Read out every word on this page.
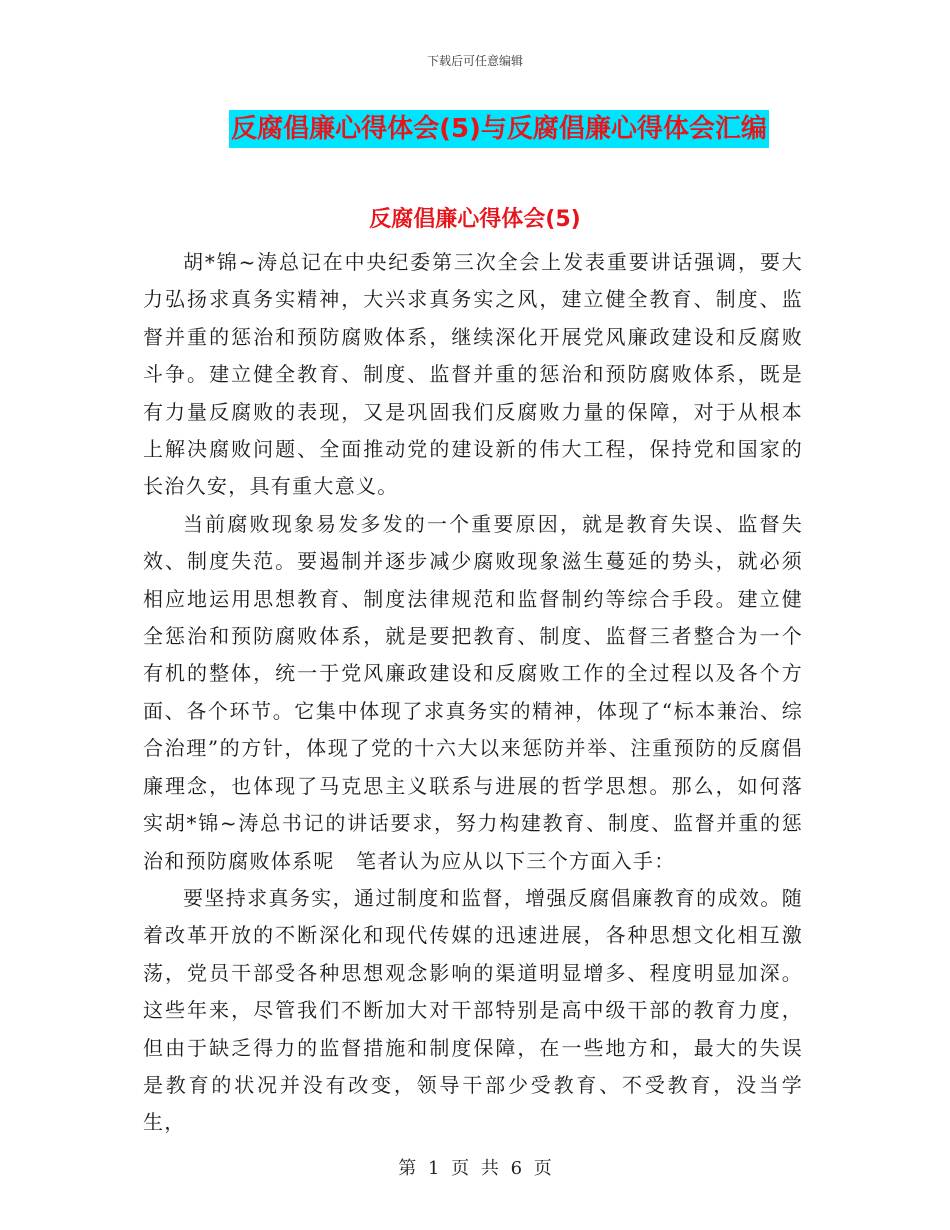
下载后可任意编辑
反腐倡廉心得体会(5)与反腐倡廉心得体会汇编
反腐倡廉心得体会(5)

胡*锦~涛总记在中央纪委第三次全会上发表重要讲话强调，要大力弘扬求真务实精神，大兴求真务实之风，建立健全教育、制度、监督并重的惩治和预防腐败体系，继续深化开展党风廉政建设和反腐败斗争。建立健全教育、制度、监督并重的惩治和预防腐败体系，既是有力量反腐败的表现，又是巩固我们反腐败力量的保障，对于从根本上解决腐败问题、全面推动党的建设新的伟大工程，保持党和国家的长治久安，具有重大意义。

当前腐败现象易发多发的一个重要原因，就是教育失误、监督失效、制度失范。要遏制并逐步减少腐败现象滋生蔓延的势头，就必须相应地运用思想教育、制度法律规范和监督制约等综合手段。建立健全惩治和预防腐败体系，就是要把教育、制度、监督三者整合为一个有机的整体，统一于党风廉政建设和反腐败工作的全过程以及各个方面、各个环节。它集中体现了求真务实的精神，体现了“标本兼治、综合治理”的方针，体现了党的十六大以来惩防并举、注重预防的反腐倡廉理念，也体现了马克思主义联系与进展的哲学思想。那么，如何落实胡*锦~涛总书记的讲话要求，努力构建教育、制度、监督并重的惩治和预防腐败体系呢　笔者认为应从以下三个方面入手：

要坚持求真务实，通过制度和监督，增强反腐倡廉教育的成效。随着改革开放的不断深化和现代传媒的迅速进展，各种思想文化相互激荡，党员干部受各种思想观念影响的渠道明显增多、程度明显加深。这些年来，尽管我们不断加大对干部特别是高中级干部的教育力度，但由于缺乏得力的监督措施和制度保障，在一些地方和，最大的失误是教育的状况并没有改变，领导干部少受教育、不受教育，没当学生，

第 1 页 共 6 页
